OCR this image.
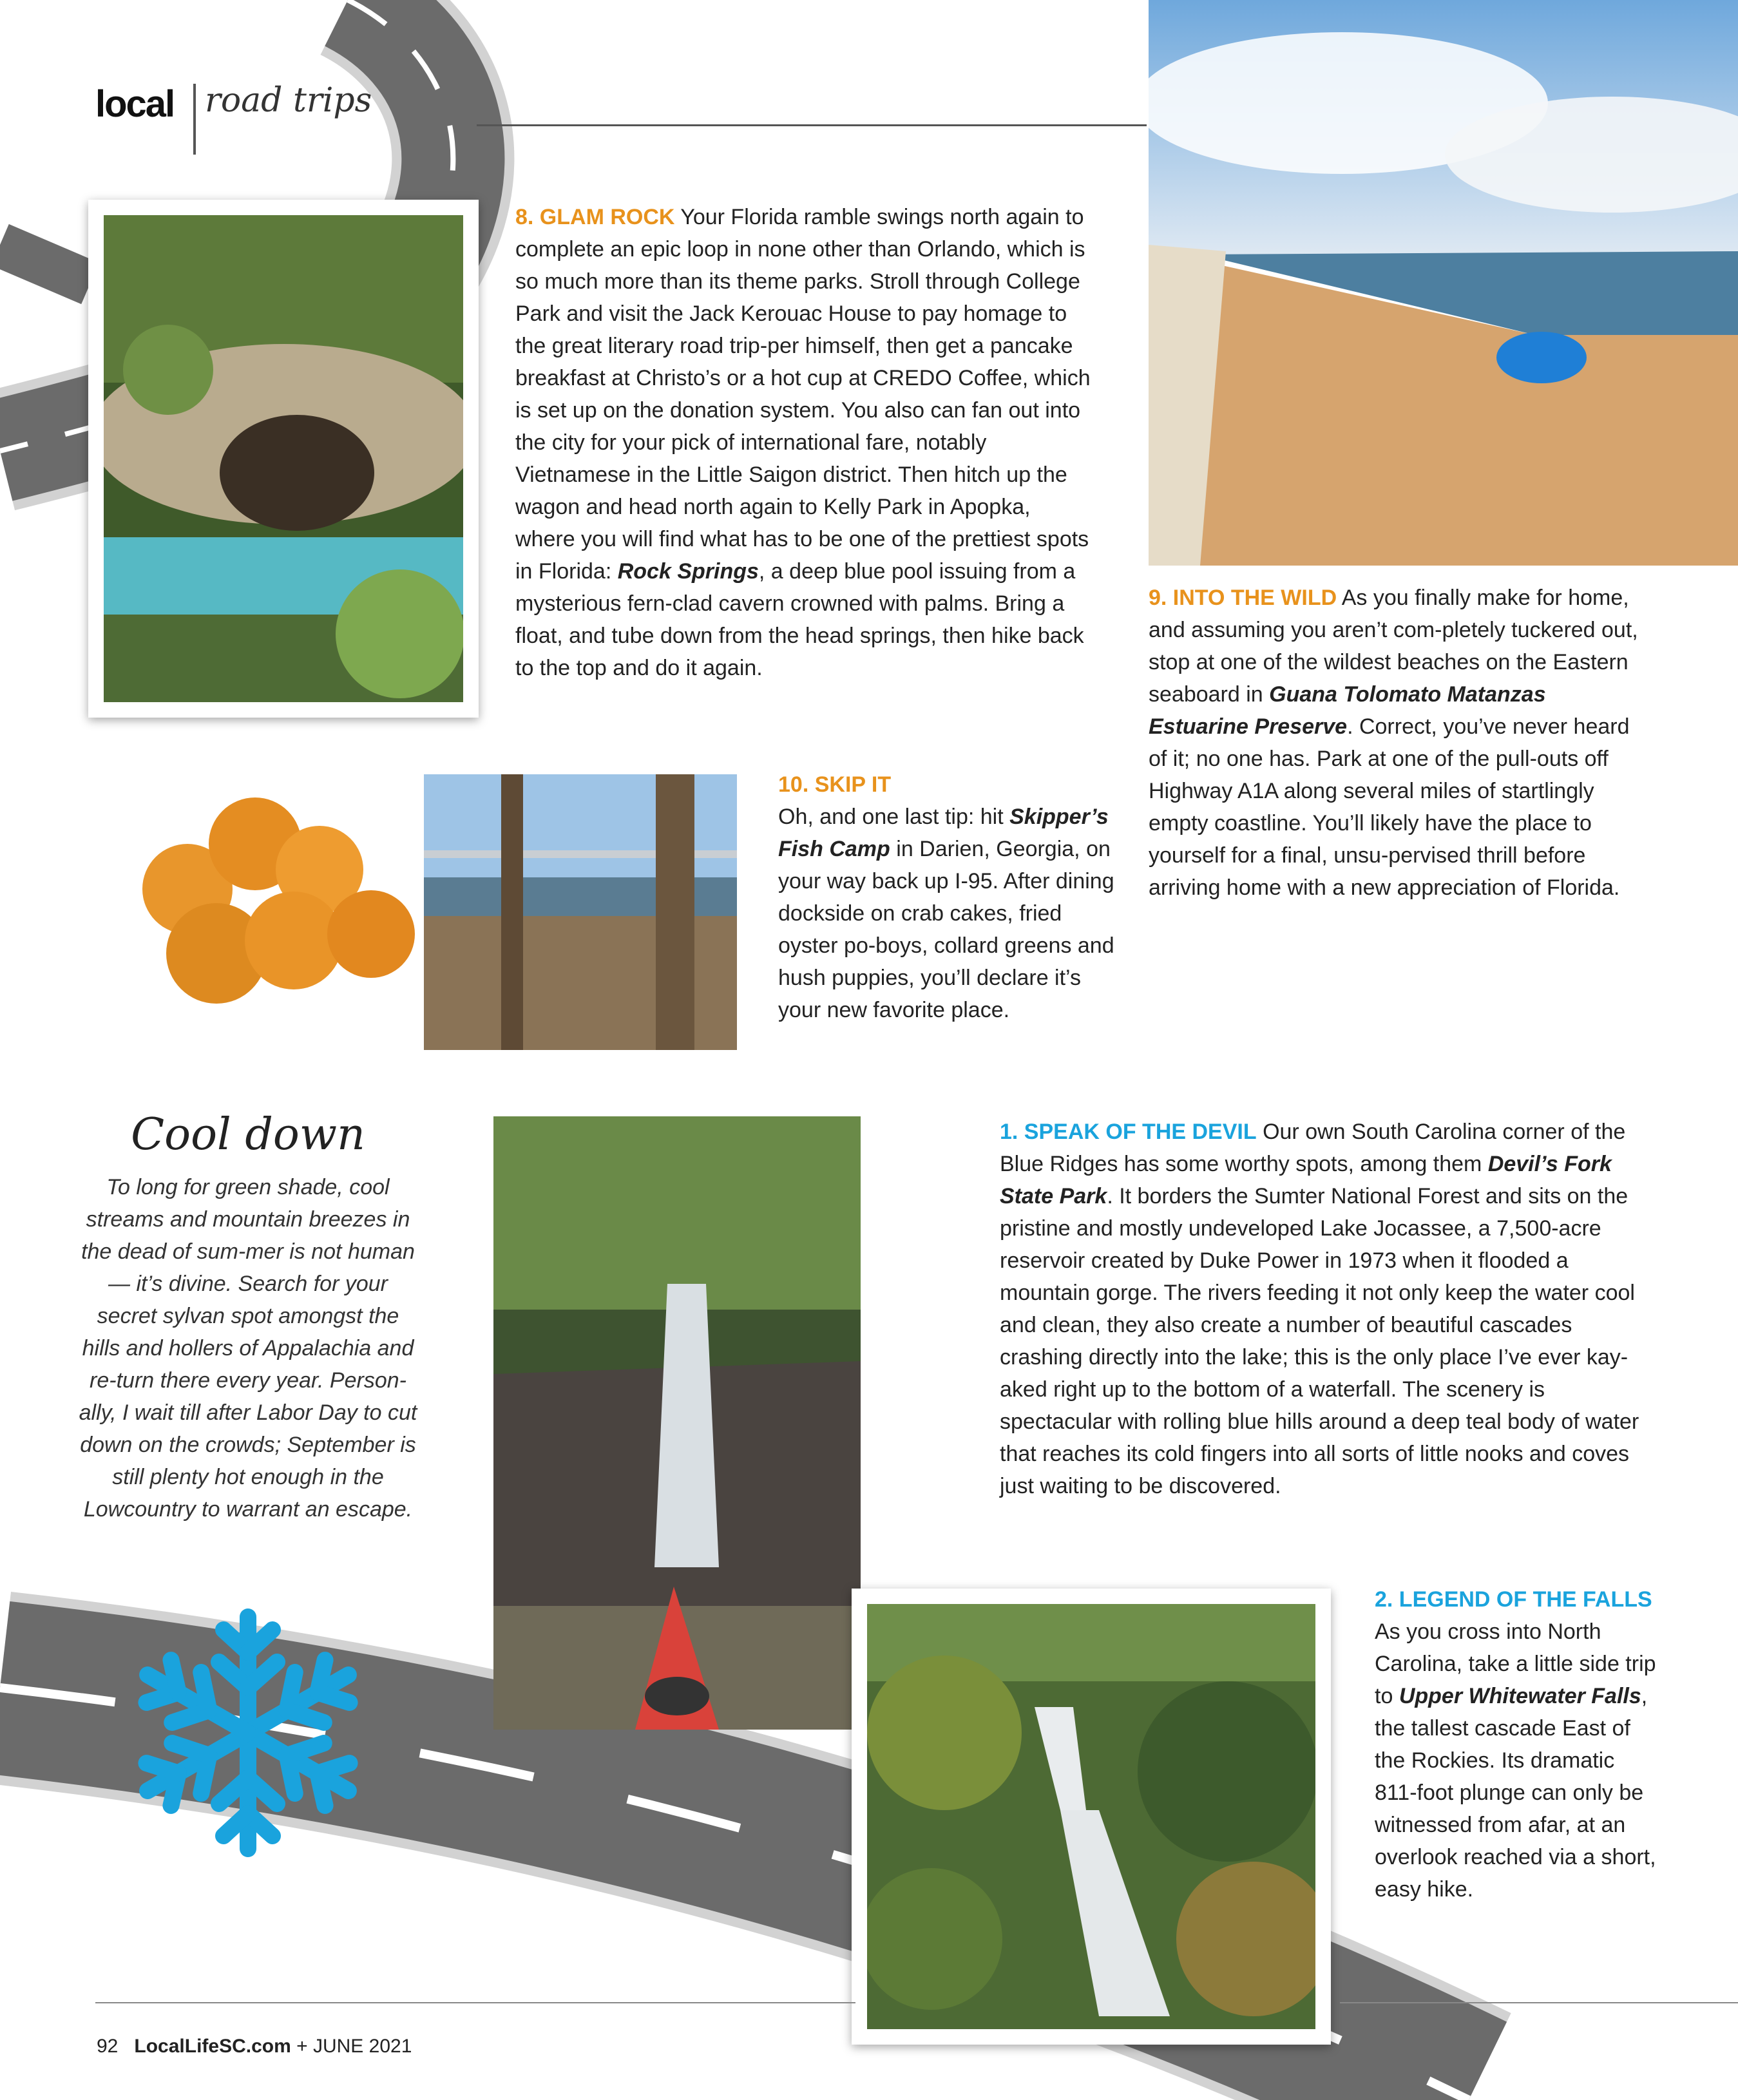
local road trips

8. GLAM ROCK Your Florida ramble swings north again to complete an epic loop in none other than Orlando, which is so much more than its theme parks. Stroll through College Park and visit the Jack Kerouac House to pay homage to the great literary road trip-per himself, then get a pancake breakfast at Christo’s or a hot cup at CREDO Coffee, which is set up on the donation system. You also can fan out into the city for your pick of international fare, notably Vietnamese in the Little Saigon district. Then hitch up the wagon and head north again to Kelly Park in Apopka, where you will find what has to be one of the prettiest spots in Florida: Rock Springs, a deep blue pool issuing from a mysterious fern-clad cavern crowned with palms. Bring a float, and tube down from the head springs, then hike back to the top and do it again.

9. INTO THE WILD As you finally make for home, and assuming you aren’t com-pletely tuckered out, stop at one of the wildest beaches on the Eastern seaboard in Guana Tolomato Matanzas Estuarine Preserve. Correct, you’ve never heard of it; no one has. Park at one of the pull-outs off Highway A1A along several miles of startlingly empty coastline. You’ll likely have the place to yourself for a final, unsu-pervised thrill before arriving home with a new appreciation of Florida.

10. SKIP IT

Oh, and one last tip: hit Skipper’s Fish Camp in Darien, Georgia, on your way back up I-95. After dining dockside on crab cakes, fried oyster po-boys, collard greens and hush puppies, you’ll declare it’s your new favorite place.

1. SPEAK OF THE DEVIL Our own South Carolina corner of the Blue Ridges has some worthy spots, among them Devil’s Fork State Park. It borders the Sumter National Forest and sits on the pristine and mostly undeveloped Lake Jocassee, a 7,500-acre reservoir created by Duke Power in 1973 when it flooded a mountain gorge. The rivers feeding it not only keep the water cool and clean, they also create a number of beautiful cascades crashing directly into the lake; this is the only place I’ve ever kay-aked right up to the bottom of a waterfall. The scenery is spectacular with rolling blue hills around a deep teal body of water that reaches its cold fingers into all sorts of little nooks and coves just waiting to be discovered.

2. LEGEND OF THE FALLS As you cross into North Carolina, take a little side trip to Upper Whitewater Falls, the tallest cascade East of the Rockies. Its dramatic 811-foot plunge can only be witnessed from afar, at an overlook reached via a short, easy hike.

Cool down
To long for green shade, cool streams and mountain breezes in the dead of sum-mer is not human — it’s divine. Search for your secret sylvan spot amongst the hills and hollers of Appalachia and re-turn there every year. Person-ally, I wait till after Labor Day to cut down on the crowds; September is still plenty hot enough in the Lowcountry to warrant an escape.
92 LocalLifeSC.com + JUNE 2021
